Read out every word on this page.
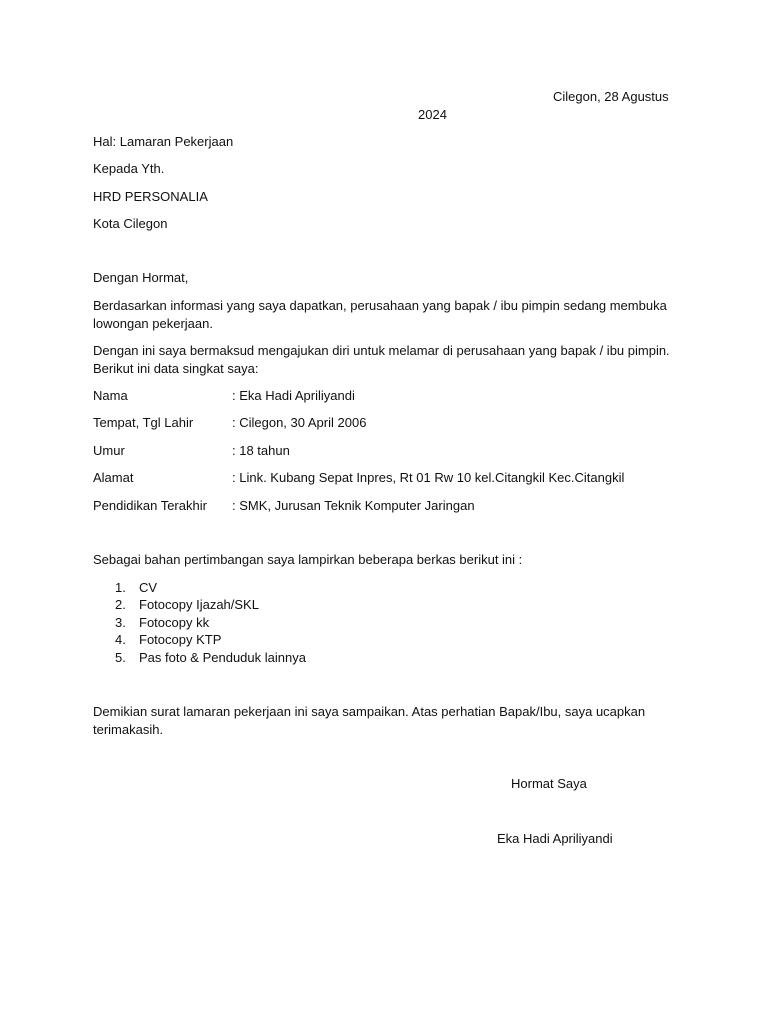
Cilegon, 28 Agustus
2024
Hal: Lamaran Pekerjaan
Kepada Yth.
HRD PERSONALIA
Kota Cilegon
Dengan Hormat,
Berdasarkan informasi yang saya dapatkan, perusahaan yang bapak / ibu pimpin sedang membuka
lowongan pekerjaan.
Dengan ini saya bermaksud mengajukan diri untuk melamar di perusahaan yang bapak / ibu pimpin.
Berikut ini data singkat saya:
Nama	: Eka Hadi Apriliyandi
Tempat, Tgl Lahir	: Cilegon, 30 April 2006
Umur	: 18 tahun
Alamat	: Link. Kubang Sepat Inpres, Rt 01 Rw 10 kel.Citangkil Kec.Citangkil
Pendidikan Terakhir : SMK, Jurusan Teknik Komputer Jaringan
Sebagai bahan pertimbangan saya lampirkan beberapa berkas berikut ini :
1. CV
2. Fotocopy Ijazah/SKL
3. Fotocopy kk
4. Fotocopy KTP
5. Pas foto & Penduduk lainnya
Demikian surat lamaran pekerjaan ini saya sampaikan. Atas perhatian Bapak/Ibu, saya ucapkan
terimakasih.
Hormat Saya
Eka Hadi Apriliyandi
